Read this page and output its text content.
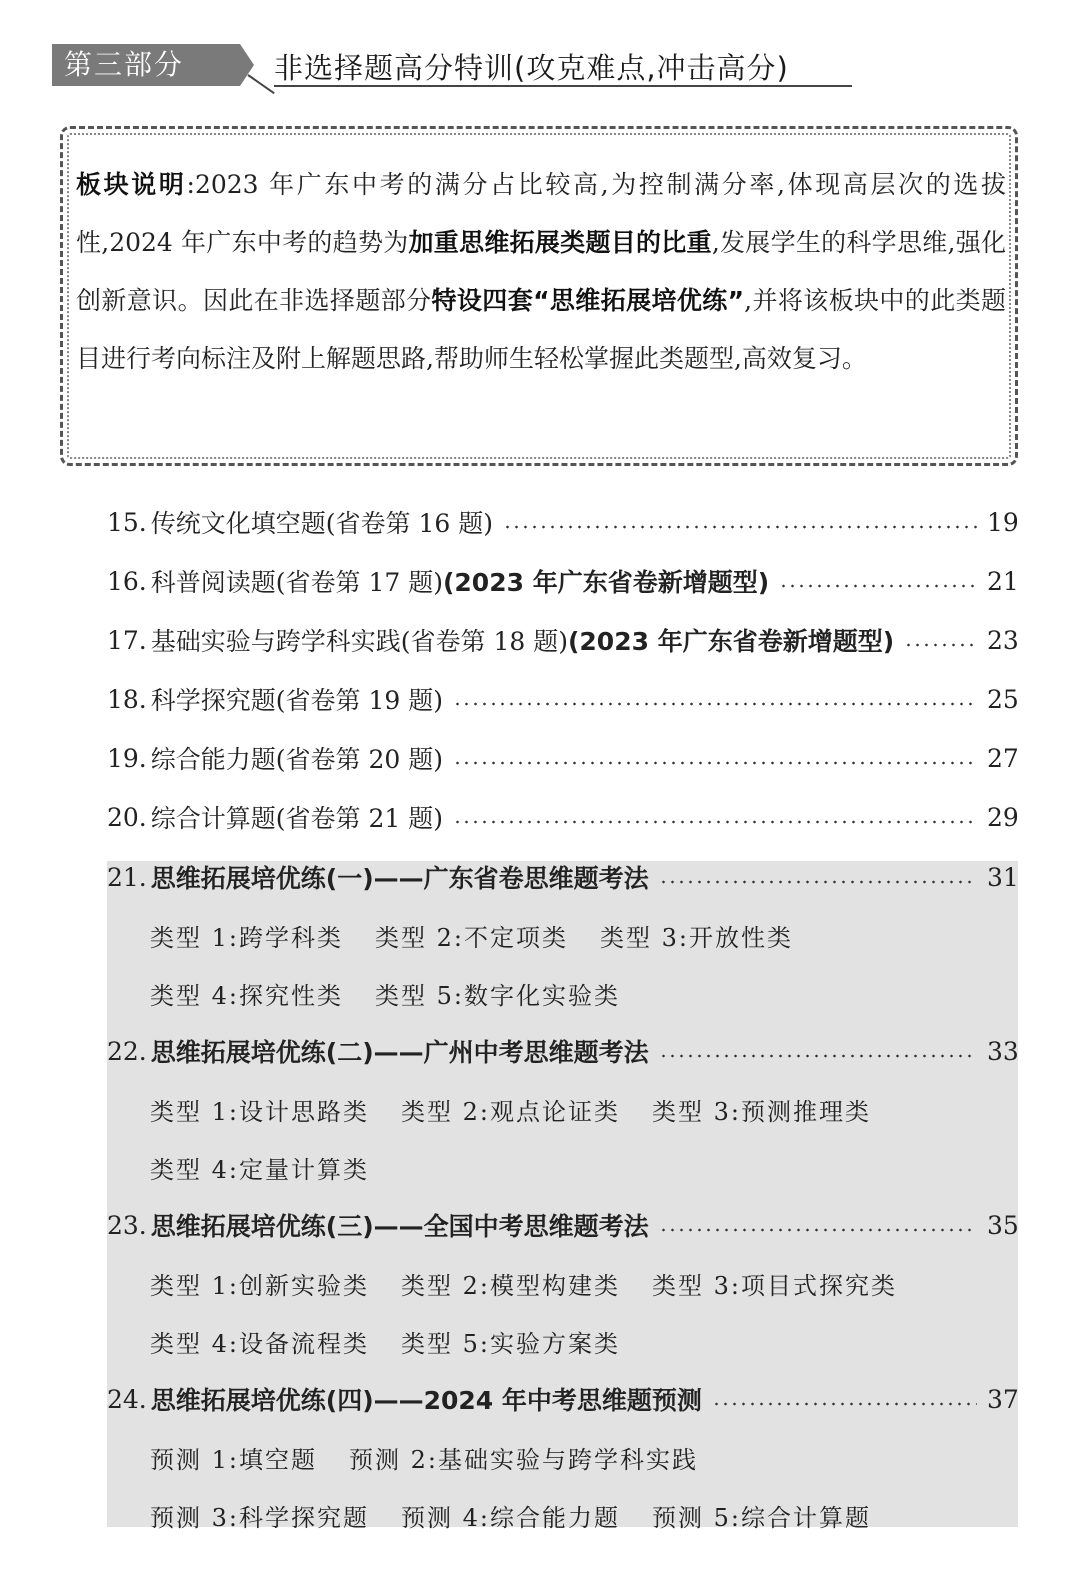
第三部分	非选择题高分特训(攻克难点,冲击高分)
板块说明:2023 年广东中考的满分占比较高,为控制满分率,体现高层次的选拔性,2024 年广东中考的趋势为加重思维拓展类题目的比重,发展学生的科学思维,强化创新意识。因此在非选择题部分特设四套“思维拓展培优练”,并将该板块中的此类题目进行考向标注及附上解题思路,帮助师生轻松掌握此类题型,高效复习。
15. 传统文化填空题(省卷第 16 题)	19
16. 科普阅读题(省卷第 17 题) (2023 年广东省卷新增题型)	21
17. 基础实验与跨学科实践(省卷第 18 题) (2023 年广东省卷新增题型)	23
18. 科学探究题(省卷第 19 题)	25
19. 综合能力题(省卷第 20 题)	27
20. 综合计算题(省卷第 21 题)	29
21. 思维拓展培优练(一)——广东省卷思维题考法	31
类型 1:跨学科类 类型 2:不定项类 类型 3:开放性类
类型 4:探究性类 类型 5:数字化实验类
22. 思维拓展培优练(二)——广州中考思维题考法	33
类型 1:设计思路类 类型 2:观点论证类 类型 3:预测推理类
类型 4:定量计算类
23. 思维拓展培优练(三)——全国中考思维题考法	35
类型 1:创新实验类 类型 2:模型构建类 类型 3:项目式探究类
类型 4:设备流程类 类型 5:实验方案类
24. 思维拓展培优练(四)——2024 年中考思维题预测	37
预测 1:填空题 预测 2:基础实验与跨学科实践
预测 3:科学探究题 预测 4:综合能力题 预测 5:综合计算题
